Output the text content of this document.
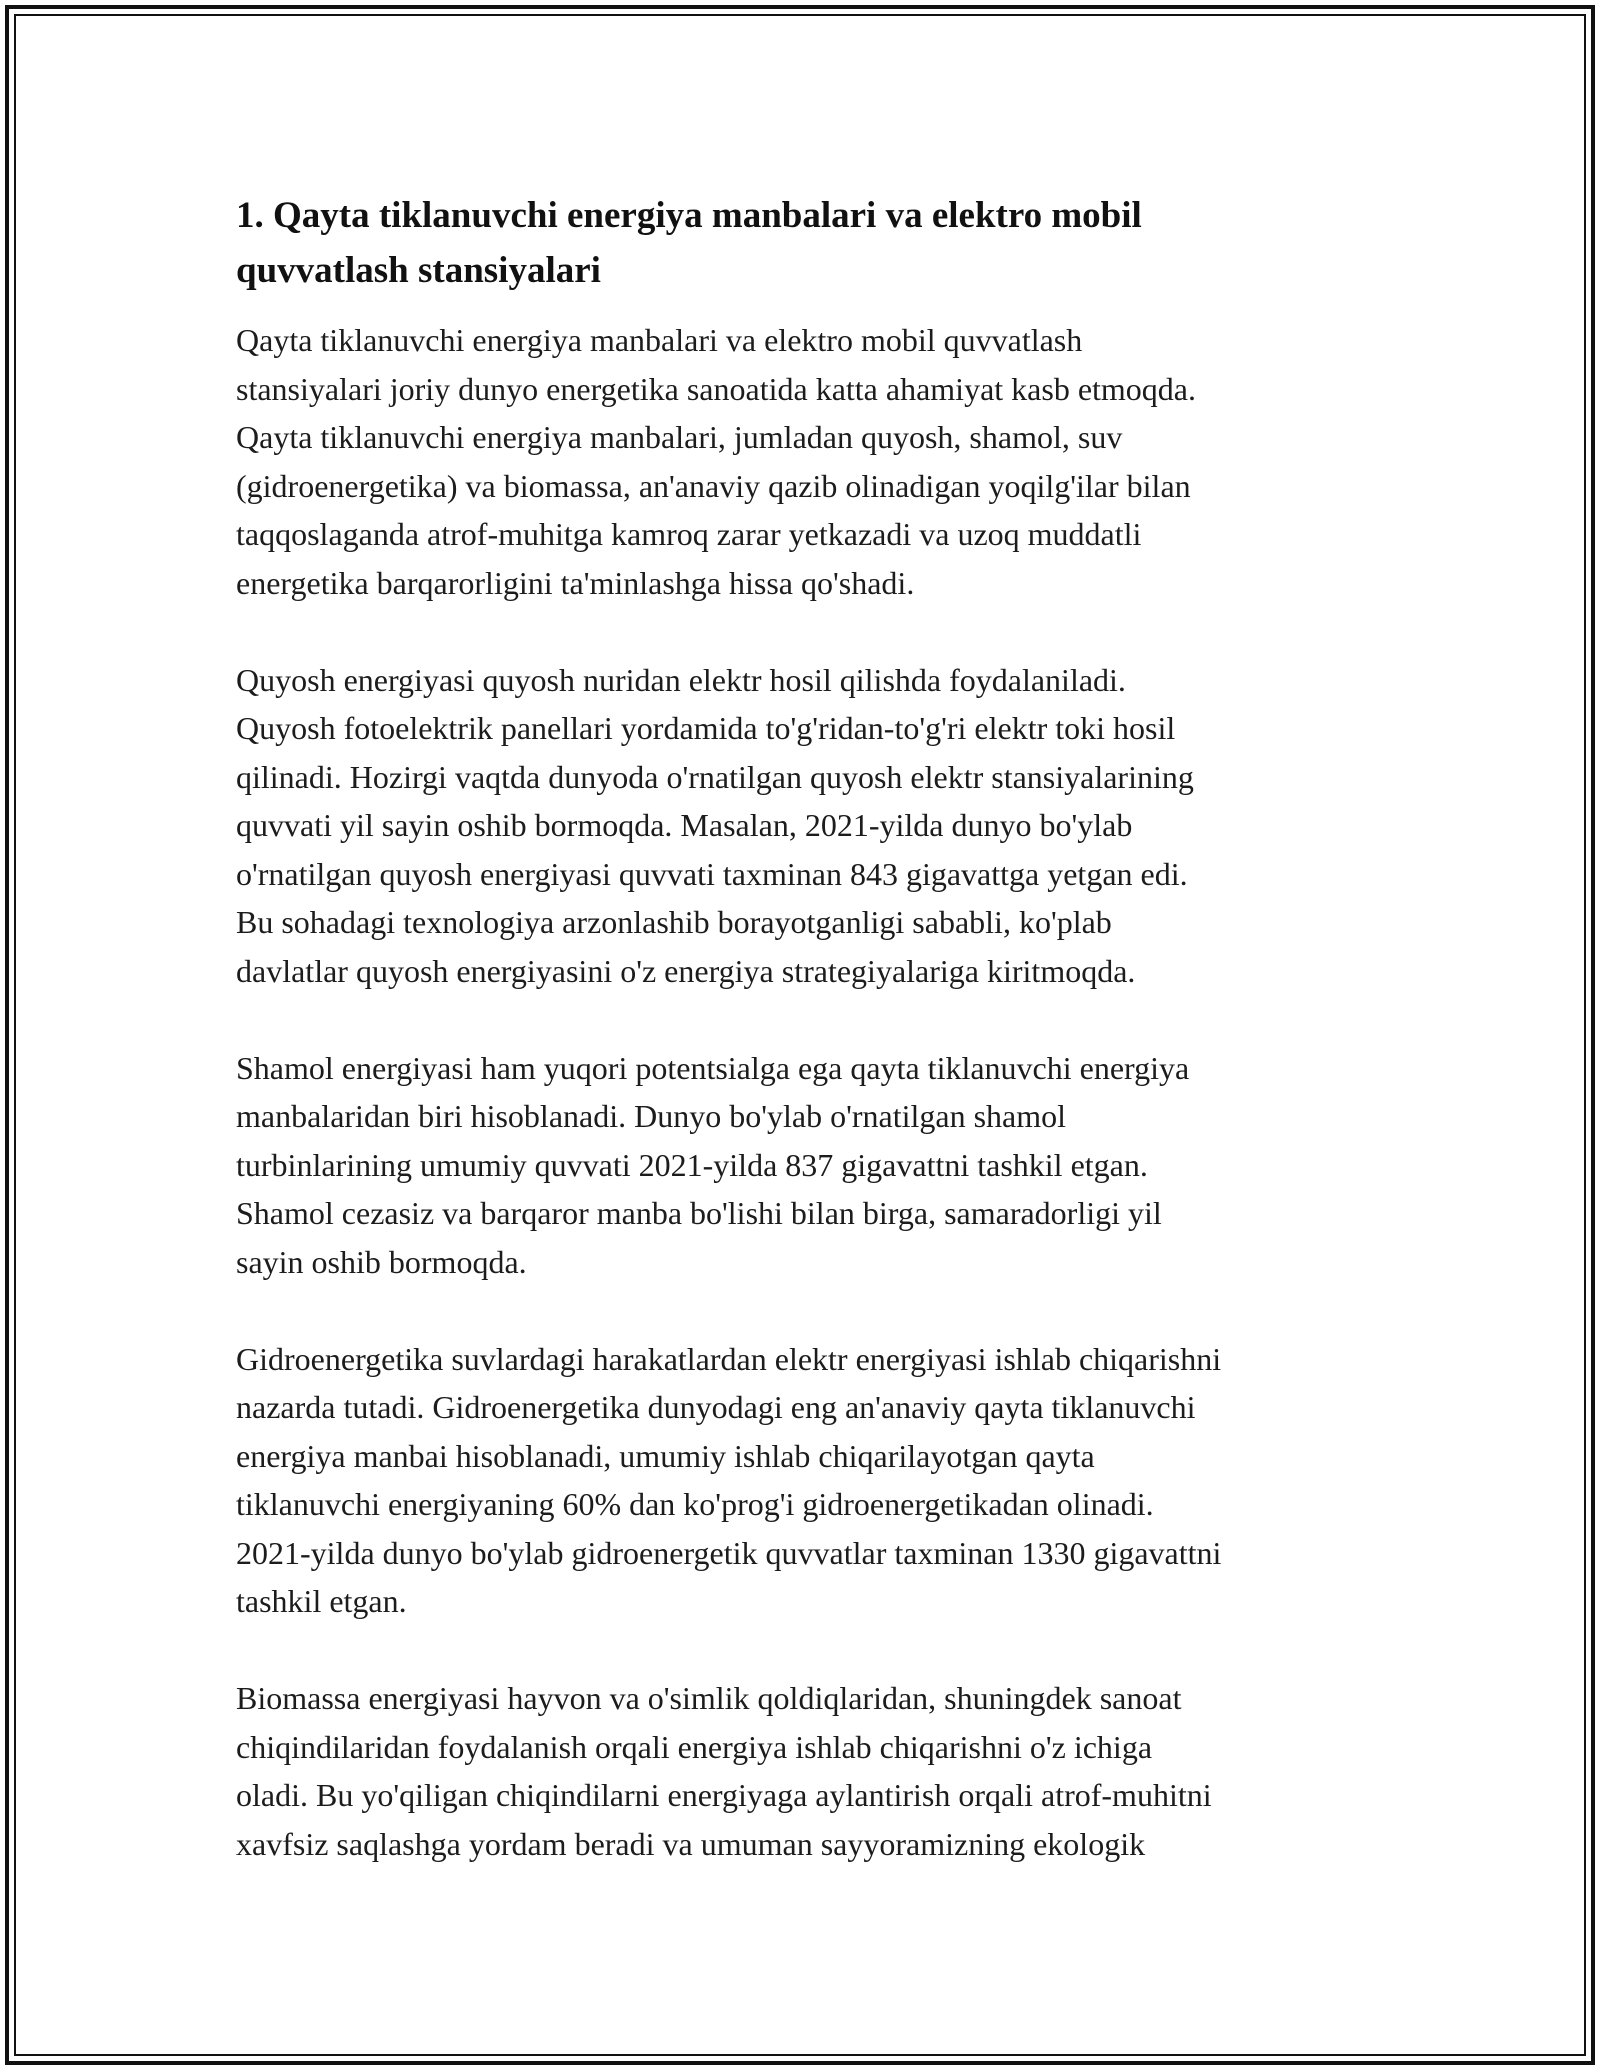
1. Qayta tiklanuvchi energiya manbalari va elektro mobil
quvvatlash stansiyalari
Qayta tiklanuvchi energiya manbalari va elektro mobil quvvatlash
stansiyalari joriy dunyo energetika sanoatida katta ahamiyat kasb etmoqda.
Qayta tiklanuvchi energiya manbalari, jumladan quyosh, shamol, suv
(gidroenergetika) va biomassa, an'anaviy qazib olinadigan yoqilg'ilar bilan
taqqoslaganda atrof-muhitga kamroq zarar yetkazadi va uzoq muddatli
energetika barqarorligini ta'minlashga hissa qo'shadi.
Quyosh energiyasi quyosh nuridan elektr hosil qilishda foydalaniladi.
Quyosh fotoelektrik panellari yordamida to'g'ridan-to'g'ri elektr toki hosil
qilinadi. Hozirgi vaqtda dunyoda o'rnatilgan quyosh elektr stansiyalarining
quvvati yil sayin oshib bormoqda. Masalan, 2021-yilda dunyo bo'ylab
o'rnatilgan quyosh energiyasi quvvati taxminan 843 gigavattga yetgan edi.
Bu sohadagi texnologiya arzonlashib borayotganligi sababli, ko'plab
davlatlar quyosh energiyasini o'z energiya strategiyalariga kiritmoqda.
Shamol energiyasi ham yuqori potentsialga ega qayta tiklanuvchi energiya
manbalaridan biri hisoblanadi. Dunyo bo'ylab o'rnatilgan shamol
turbinlarining umumiy quvvati 2021-yilda 837 gigavattni tashkil etgan.
Shamol cezasiz va barqaror manba bo'lishi bilan birga, samaradorligi yil
sayin oshib bormoqda.
Gidroenergetika suvlardagi harakatlardan elektr energiyasi ishlab chiqarishni
nazarda tutadi. Gidroenergetika dunyodagi eng an'anaviy qayta tiklanuvchi
energiya manbai hisoblanadi, umumiy ishlab chiqarilayotgan qayta
tiklanuvchi energiyaning 60% dan ko'prog'i gidroenergetikadan olinadi.
2021-yilda dunyo bo'ylab gidroenergetik quvvatlar taxminan 1330 gigavattni
tashkil etgan.
Biomassa energiyasi hayvon va o'simlik qoldiqlaridan, shuningdek sanoat
chiqindilaridan foydalanish orqali energiya ishlab chiqarishni o'z ichiga
oladi. Bu yo'qiligan chiqindilarni energiyaga aylantirish orqali atrof-muhitni
xavfsiz saqlashga yordam beradi va umuman sayyoramizning ekologik
